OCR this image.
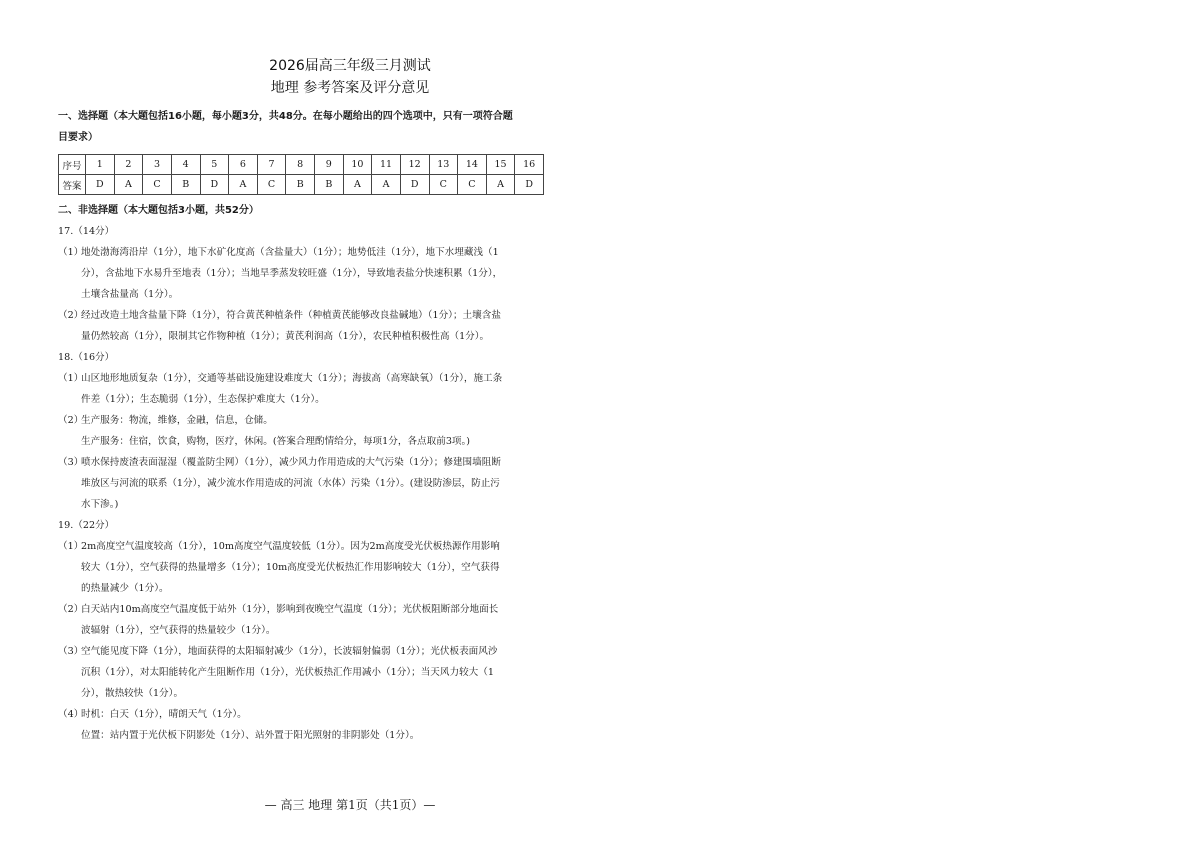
2026届高三年级三月测试
地理 参考答案及评分意见
一、选择题（本大题包括16小题，每小题3分，共48分。在每小题给出的四个选项中，只有一项符合题
目要求）
序号	1	2	3	4	5	6	7	8	9	10	11	12	13	14	15	16
答案	D	A	C	B	D	A	C	B	B	A	A	D	C	C	A	D
二、非选择题（本大题包括3小题，共52分）
17.（14分）
（1）
地处渤海湾沿岸（1分），地下水矿化度高（含盐量大）（1分）；地势低洼（1分），地下水埋藏浅（1
分），含盐地下水易升至地表（1分）；当地旱季蒸发较旺盛（1分），导致地表盐分快速积累（1分），
土壤含盐量高（1分）。
（2）
经过改造土地含盐量下降（1分），符合黄芪种植条件（种植黄芪能够改良盐碱地）（1分）；土壤含盐
量仍然较高（1分），限制其它作物种植（1分）；黄芪利润高（1分），农民种植积极性高（1分）。
18.（16分）
（1）
山区地形地质复杂（1分），交通等基础设施建设难度大（1分）；海拔高（高寒缺氧）（1分），施工条
件差（1分）；生态脆弱（1分），生态保护难度大（1分）。
（2）
生产服务：物流，维修，金融，信息，仓储。
生产服务：住宿，饮食，购物，医疗，休闲。(答案合理酌情给分，每项1分，各点取前3项。)
（3）
喷水保持废渣表面湿湿（覆盖防尘网）（1分），减少风力作用造成的大气污染（1分）；修建围墙阻断
堆放区与河流的联系（1分），减少流水作用造成的河流（水体）污染（1分）。(建设防渗层，防止污
水下渗。)
19.（22分）
（1）
2m高度空气温度较高（1分），10m高度空气温度较低（1分）。因为2m高度受光伏板热源作用影响
较大（1分），空气获得的热量增多（1分）；10m高度受光伏板热汇作用影响较大（1分），空气获得
的热量减少（1分）。
（2）
白天站内10m高度空气温度低于站外（1分），影响到夜晚空气温度（1分）；光伏板阻断部分地面长
波辐射（1分），空气获得的热量较少（1分）。
（3）
空气能见度下降（1分），地面获得的太阳辐射减少（1分），长波辐射偏弱（1分）；光伏板表面风沙
沉积（1分），对太阳能转化产生阻断作用（1分），光伏板热汇作用减小（1分）；当天风力较大（1
分），散热较快（1分）。
（4）
时机：白天（1分），晴朗天气（1分）。
位置：站内置于光伏板下阴影处（1分）、站外置于阳光照射的非阴影处（1分）。
— 高三 地理 第1页（共1页）—
